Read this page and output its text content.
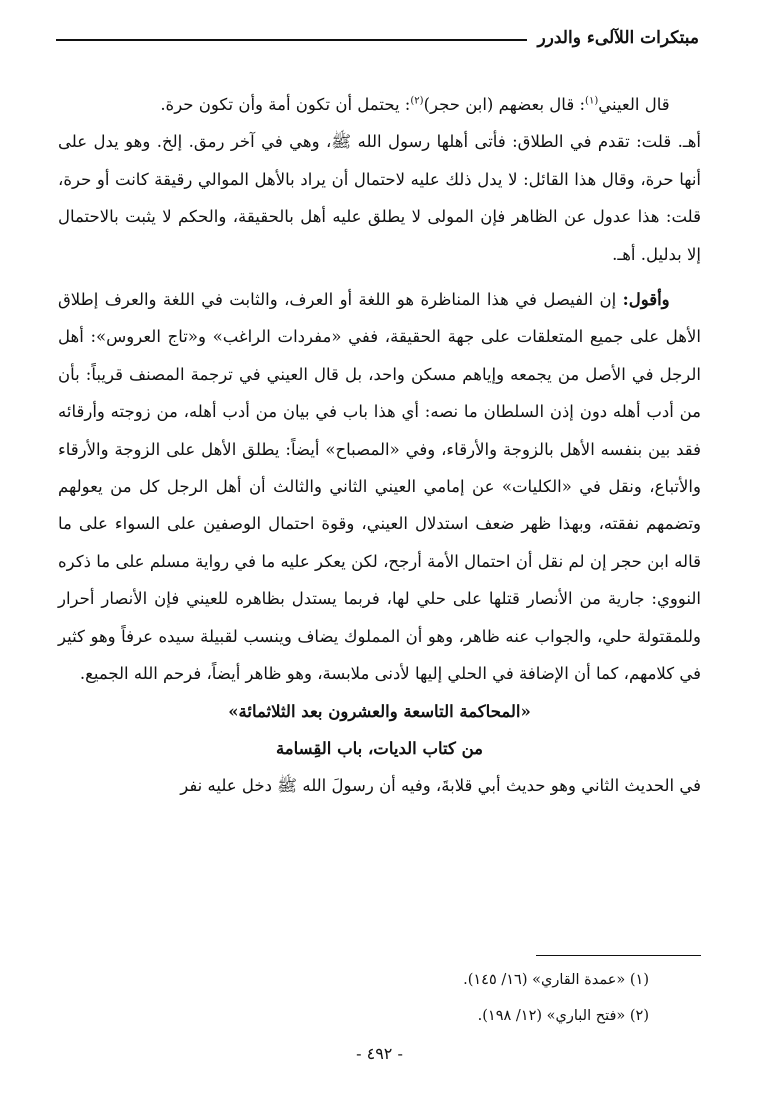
مبتكرات اللآلىء والدرر

قال العيني$^{(١)}$: قال بعضهم (ابن حجر)$^{(٢)}$: يحتمل أن تكون أمة وأن تكون حرة.

أهـ. قلت: تقدم في الطلاق: فأتى أهلها رسول الله ﷺ، وهي في آخر رمق. إلخ. وهو يدل على أنها حرة، وقال هذا القائل: لا يدل ذلك عليه لاحتمال أن يراد بالأهل الموالي رقيقة كانت أو حرة، قلت: هذا عدول عن الظاهر فإن المولى لا يطلق عليه أهل بالحقيقة، والحكم لا يثبت بالاحتمال إلا بدليل. أهـ.

وأقول: إن الفيصل في هذا المناظرة هو اللغة أو العرف، والثابت في اللغة والعرف إطلاق الأهل على جميع المتعلقات على جهة الحقيقة، ففي «مفردات الراغب» و«تاج العروس»: أهل الرجل في الأصل من يجمعه وإياهم مسكن واحد، بل قال العيني في ترجمة المصنف قريباً: بأن من أدب أهله دون إذن السلطان ما نصه: أي هذا باب في بيان من أدب أهله، من زوجته وأرقائه فقد بين بنفسه الأهل بالزوجة والأرقاء، وفي «المصباح» أيضاً: يطلق الأهل على الزوجة والأرقاء والأتباع، ونقل في «الكليات» عن إمامي العيني الثاني والثالث أن أهل الرجل كل من يعولهم وتضمهم نفقته، وبهذا ظهر ضعف استدلال العيني، وقوة احتمال الوصفين على السواء على ما قاله ابن حجر إن لم نقل أن احتمال الأمة أرجح، لكن يعكر عليه ما في رواية مسلم على ما ذكره النووي: جارية من الأنصار قتلها على حلي لها، فربما يستدل بظاهره للعيني فإن الأنصار أحرار وللمقتولة حلي، والجواب عنه ظاهر، وهو أن المملوك يضاف وينسب لقبيلة سيده عرفاً وهو كثير في كلامهم، كما أن الإضافة في الحلي إليها لأدنى ملابسة، وهو ظاهر أيضاً، فرحم الله الجميع.

«المحاكمة التاسعة والعشرون بعد الثلاثمائة»

من كتاب الديات، باب القِسامة

في الحديث الثاني وهو حديث أبي قلابةَ، وفيه أن رسولَ الله ﷺ دخل عليه نفر

(١) «عمدة القاري» (١٦/ ١٤٥).
(٢) «فتح الباري» (١٢/ ١٩٨).
- ٤٩٢ -
